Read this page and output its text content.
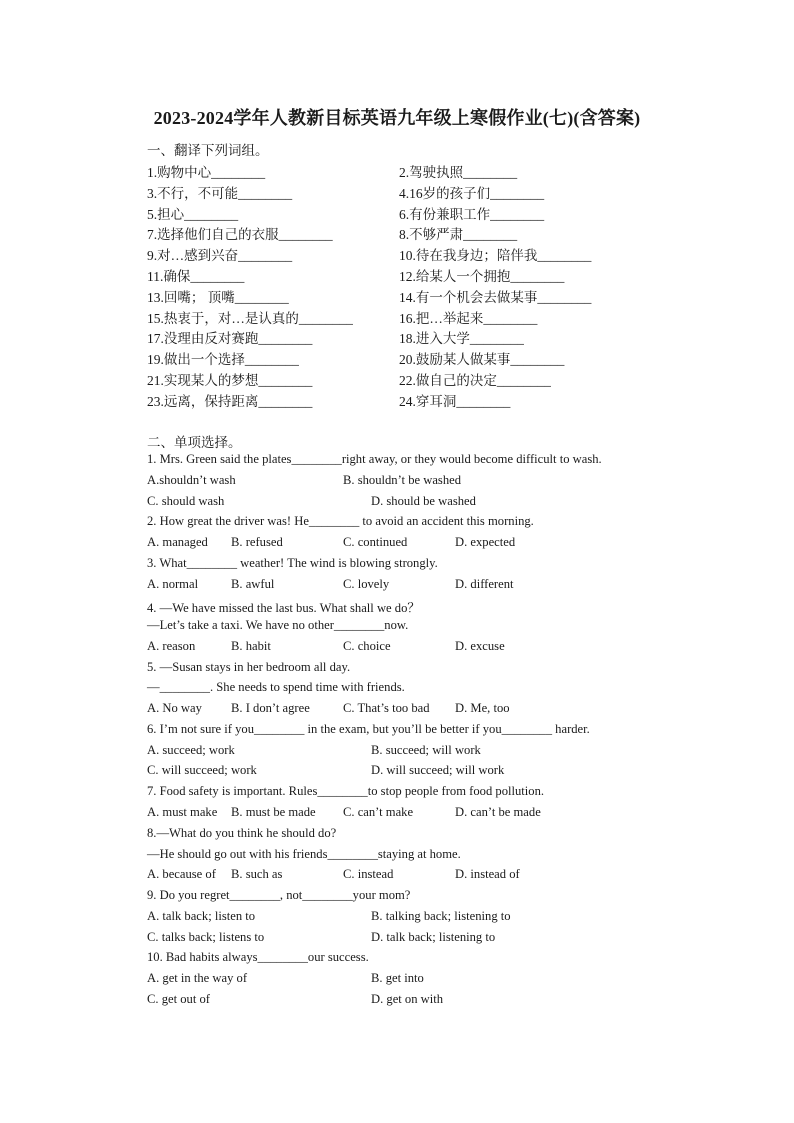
2023-2024学年人教新目标英语九年级上寒假作业(七)(含答案)
一、翻译下列词组。
1.购物中心________	2.驾驶执照________
3.不行，不可能________	4.16岁的孩子们________
5.担心________	6.有份兼职工作________
7.选择他们自己的衣服________	8.不够严肃________
9.对…感到兴奋________	10.待在我身边；陪伴我________
11.确保________	12.给某人一个拥抱________
13.回嘴； 顶嘴________	14.有一个机会去做某事________
15.热衷于，对…是认真的________	16.把…举起来________
17.没理由反对赛跑________	18.进入大学________
19.做出一个选择________	20.鼓励某人做某事________
21.实现某人的梦想________	22.做自己的决定________
23.远离，保持距离________	24.穿耳洞________
二、单项选择。
1. Mrs. Green said the plates________right away, or they would become difficult to wash.
A.shouldn’t wash	B. shouldn’t be washed
C. should wash	D. should be washed
2. How great the driver was! He________ to avoid an accident this morning.
A. managed B. refused	C. continued	D. expected
3. What________ weather! The wind is blowing strongly.
A. normal	B. awful	C. lovely	D. different
4. —We have missed the last bus. What shall we do？
—Let’s take a taxi. We have no other________now.
A. reason	B. habit	C. choice	D. excuse
5. —Susan stays in her bedroom all day.
—________. She needs to spend time with friends.
A. No way B. I don’t agree	C. That’s too bad D. Me, too
6. I’m not sure if you________ in the exam, but you’ll be better if you________ harder.
A. succeed; work	B. succeed; will work
C. will succeed; work	D. will succeed; will work
7. Food safety is important. Rules________to stop people from food pollution.
A. must make B. must be made C. can’t make	D. can’t be made
8.—What do you think he should do?
—He should go out with his friends________staying at home.
A. because of B. such as	C. instead	D. instead of
9. Do you regret________, not________your mom?
A. talk back; listen to	B. talking back; listening to
C. talks back; listens to	D. talk back; listening to
10. Bad habits always________our success.
A. get in the way of	B. get into
C. get out of	D. get on with
